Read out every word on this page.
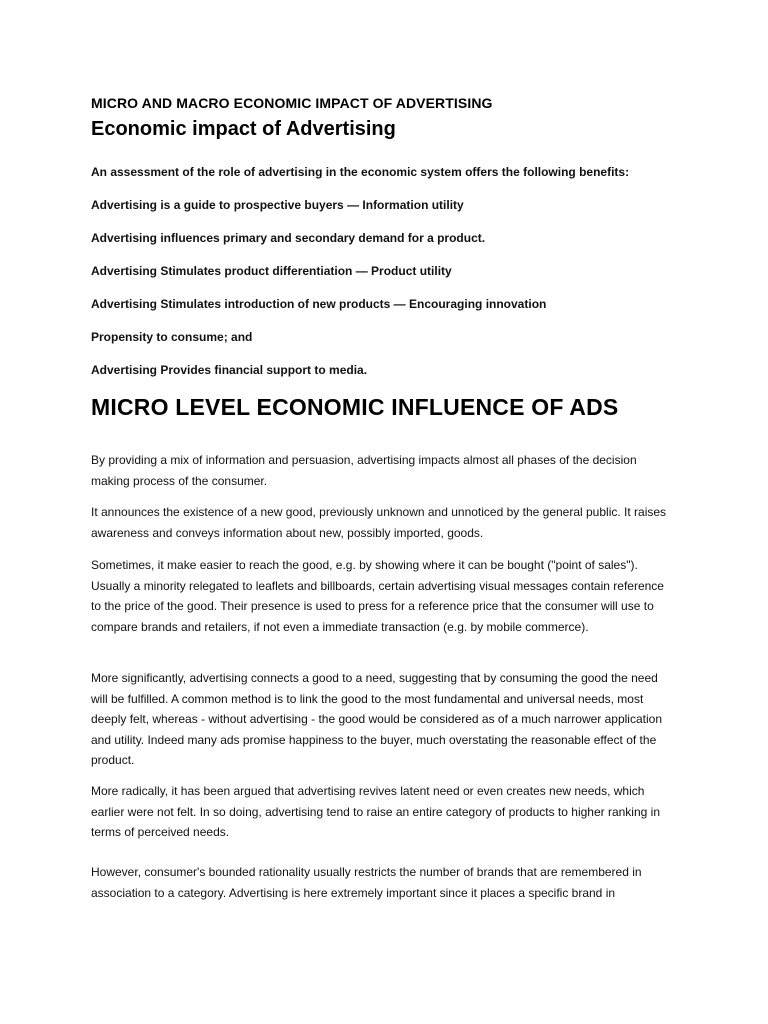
MICRO AND MACRO ECONOMIC IMPACT OF ADVERTISING
Economic impact of Advertising

An assessment of the role of advertising in the economic system offers the following benefits:

Advertising is a guide to prospective buyers — Information utility
Advertising influences primary and secondary demand for a product.
Advertising Stimulates product differentiation — Product utility
Advertising Stimulates introduction of new products — Encouraging innovation
Propensity to consume; and
Advertising Provides financial support to media.
MICRO LEVEL ECONOMIC INFLUENCE OF ADS

By providing a mix of information and persuasion, advertising impacts almost all phases of the decision making process of the consumer.

It announces the existence of a new good, previously unknown and unnoticed by the general public. It raises awareness and conveys information about new, possibly imported, goods.

Sometimes, it make easier to reach the good, e.g. by showing where it can be bought ("point of sales"). Usually a minority relegated to leaflets and billboards, certain advertising visual messages contain reference to the price of the good. Their presence is used to press for a reference price that the consumer will use to compare brands and retailers, if not even a immediate transaction (e.g. by mobile commerce).

More significantly, advertising connects a good to a need, suggesting that by consuming the good the need will be fulfilled. A common method is to link the good to the most fundamental and universal needs, most deeply felt, whereas - without advertising - the good would be considered as of a much narrower application and utility. Indeed many ads promise happiness to the buyer, much overstating the reasonable effect of the product.

More radically, it has been argued that advertising revives latent need or even creates new needs, which earlier were not felt. In so doing, advertising tend to raise an entire category of products to higher ranking in terms of perceived needs.

However, consumer's bounded rationality usually restricts the number of brands that are remembered in association to a category. Advertising is here extremely important since it places a specific brand in
